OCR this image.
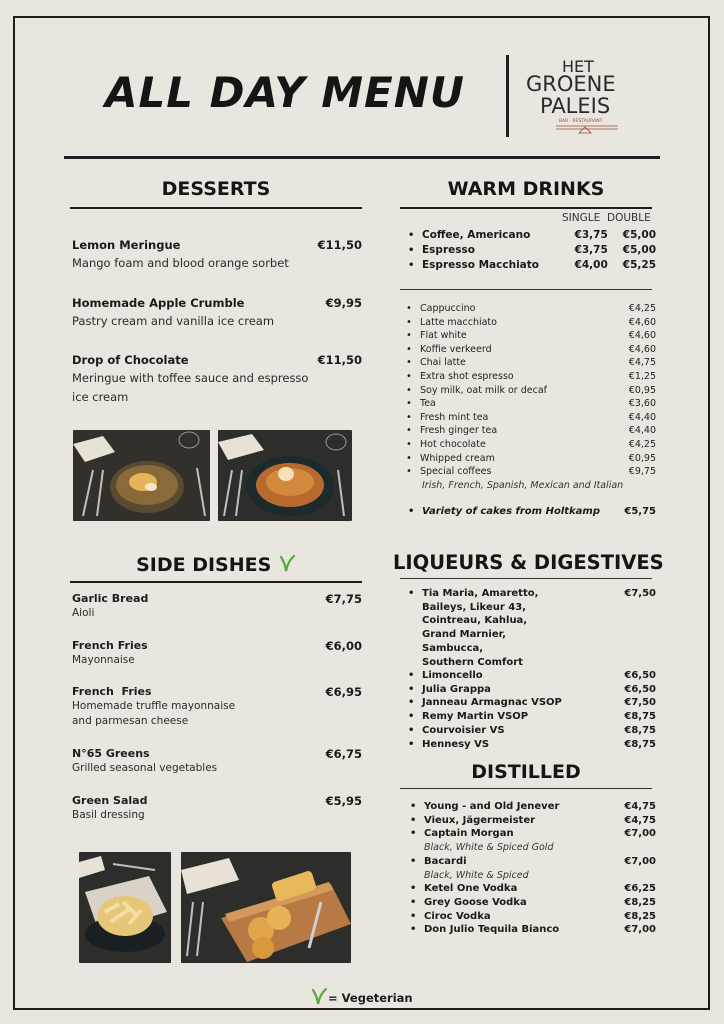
ALL DAY MENU
HET
GROENE
PALEIS
BAR · RESTAURANT
DESSERTS
Lemon Meringue	€11,50
Mango foam and blood orange sorbet
Homemade Apple Crumble	€9,95
Pastry cream and vanilla ice cream
Drop of Chocolate	€11,50
Meringue with toffee sauce and espresso ice cream
SIDE DISHES
Garlic Bread	€7,75
Aioli
French Fries	€6,00
Mayonnaise
French  Fries	€6,95
Homemade truffle mayonnaise and parmesan cheese
N°65 Greens	€6,75
Grilled seasonal vegetables
Green Salad	€5,95
Basil dressing
WARM DRINKS
SINGLE DOUBLE
• Coffee, Americano	€3,75 €5,00
• Espresso	€3,75 €5,00
• Espresso Macchiato	€4,00 €5,25
• Cappuccino	€4,25
• Latte macchiato	€4,60
• Flat white	€4,60
• Koffie verkeerd	€4,60
• Chai latte	€4,75
• Extra shot espresso	€1,25
• Soy milk, oat milk or decaf	€0,95
• Tea	€3,60
• Fresh mint tea	€4,40
• Fresh ginger tea	€4,40
• Hot chocolate	€4,25
• Whipped cream	€0,95
• Special coffees	€9,75
Irish, French, Spanish, Mexican and Italian
• Variety of cakes from Holtkamp €5,75
LIQUEURS & DIGESTIVES
• Tia Maria, Amaretto,
Baileys, Likeur 43,
Cointreau, Kahlua,
Grand Marnier,
Sambucca,
Southern Comfort
€7,50
• Limoncello	€6,50
• Julia Grappa	€6,50
• Janneau Armagnac VSOP	€7,50
• Remy Martin VSOP	€8,75
• Courvoisier VS	€8,75
• Hennesy VS	€8,75
DISTILLED
• Young - and Old Jenever	€4,75
• Vieux, Jägermeister	€4,75
• Captain Morgan	€7,00
Black, White & Spiced Gold
• Bacardi	€7,00
Black, White & Spiced
• Ketel One Vodka	€6,25
• Grey Goose Vodka	€8,25
• Ciroc Vodka	€8,25
• Don Julio Tequila Bianco	€7,00
= Vegeterian
